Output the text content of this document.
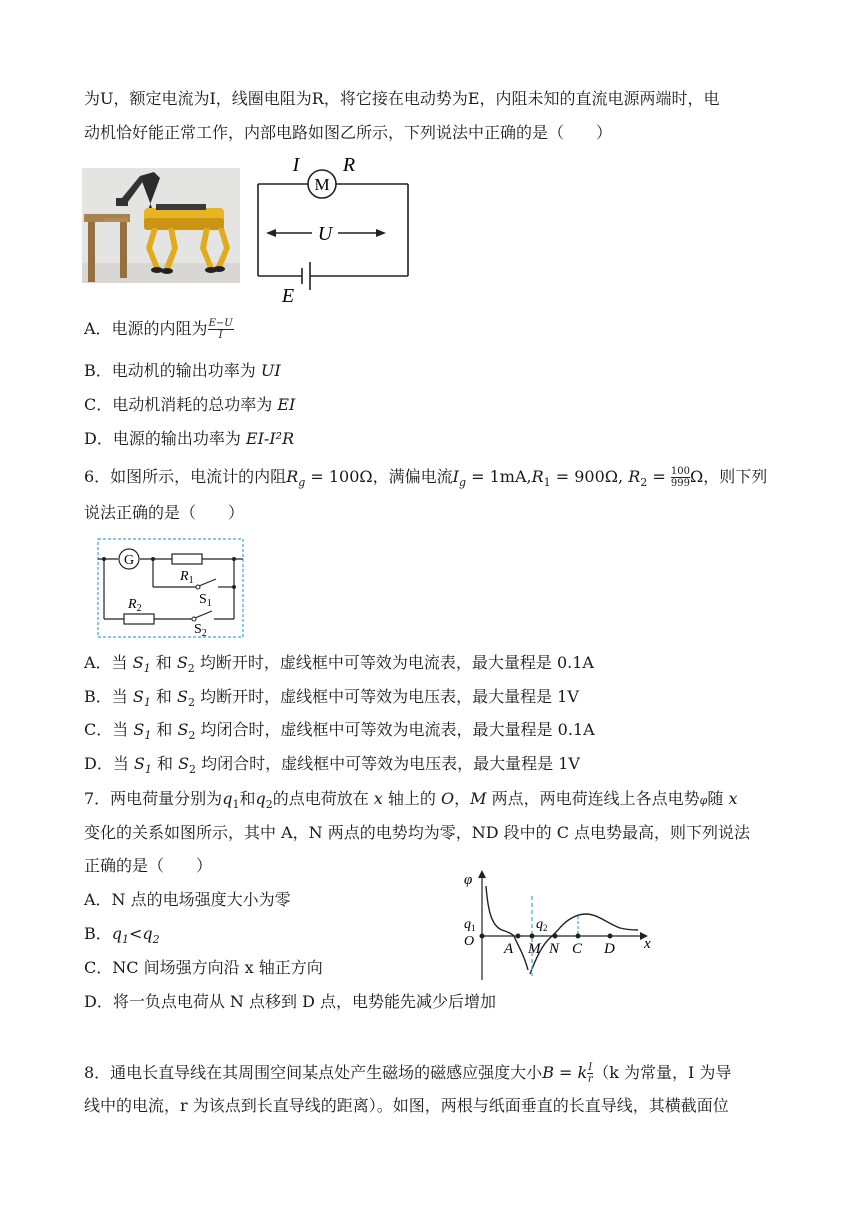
为U，额定电流为I，线圈电阻为R，将它接在电动势为E，内阻未知的直流电源两端时，电
动机恰好能正常工作，内部电路如图乙所示，下列说法中正确的是（　　）
M
I R
U
E
A．电源的内阻为 $\frac{E-U}{I}$
B．电动机的输出功率为 UI
C．电动机消耗的总功率为 EI
D．电源的输出功率为 EI-I²R
6．如图所示，电流计的内阻$R_g = 100\Omega$，满偏电流$I_g = 1mA,R_1 = 900\Omega$, $R_2 = \frac{100}{999}$ Ω，则下列
说法正确的是（　　）
G
$R_1$
$S_1$
$R_2$
$S_2$
A．当 $S_1$ 和 $S_2$ 均断开时，虚线框中可等效为电流表，最大量程是 0.1A
B．当 $S_1$ 和 $S_2$ 均断开时，虚线框中可等效为电压表，最大量程是 1V
C．当 $S_1$ 和 $S_2$ 均闭合时，虚线框中可等效为电流表，最大量程是 0.1A
D．当 $S_1$ 和 $S_2$ 均闭合时，虚线框中可等效为电压表，最大量程是 1V
7．两电荷量分别为$q_1$和$q_2$的点电荷放在 x 轴上的 O，M 两点，两电荷连线上各点电势φ随 x
变化的关系如图所示，其中 A，N 两点的电势均为零，ND 段中的 C 点电势最高，则下列说法
正确的是（　　）
A．N 点的电场强度大小为零
B．$q_1<q_2$
C．NC 间场强方向沿 x 轴正方向
D．将一负点电荷从 N 点移到 D 点，电势能先减少后增加
φ
x
$q_1$
O
$q_2$
A M N C D
8．通电长直导线在其周围空间某点处产生磁场的磁感应强度大小B = k $\frac{I}{r} (k$ 为常量，I 为导
线中的电流，r 为该点到长直导线的距离）。如图，两根与纸面垂直的长直导线，其横截面位
